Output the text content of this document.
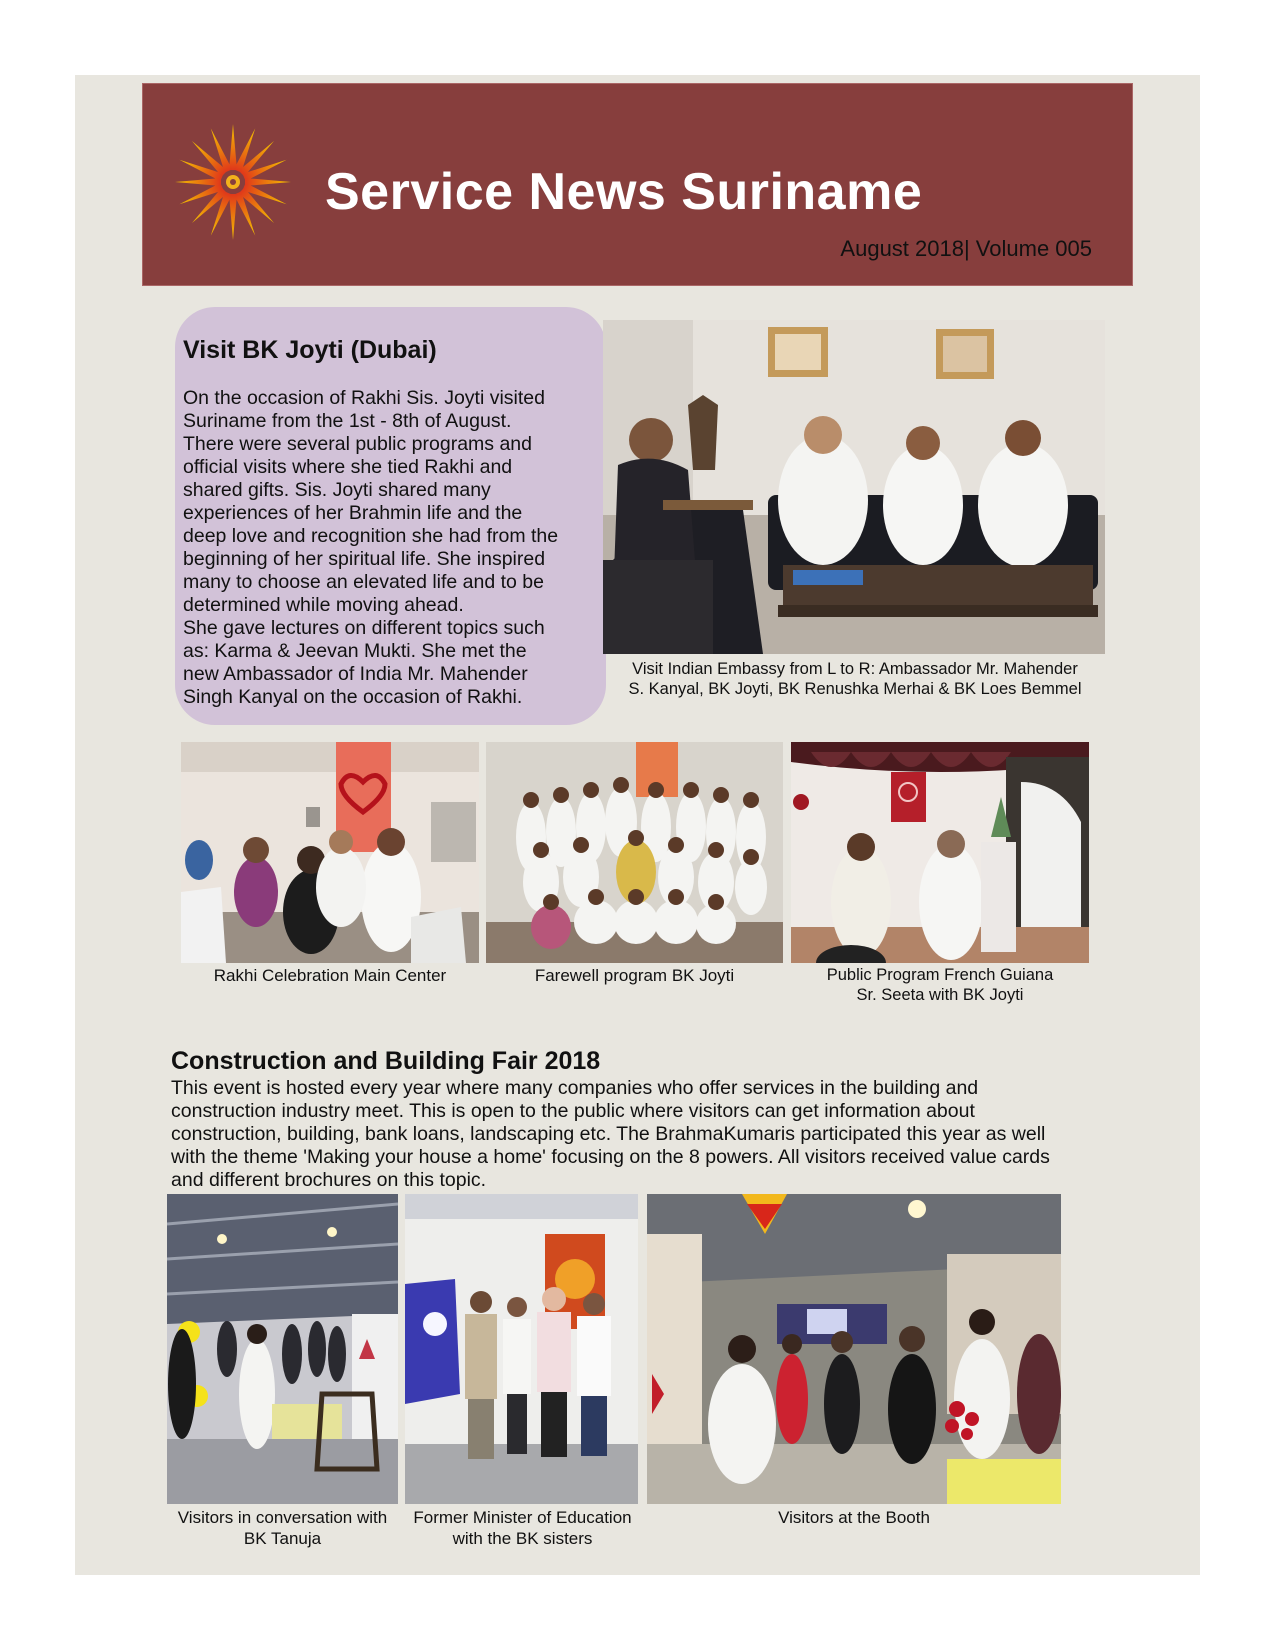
Service News Suriname
August 2018| Volume 005
Visit BK Joyti (Dubai)
On the occasion of Rakhi Sis. Joyti visited
Suriname from the 1st - 8th of August.
There were several public programs and
official visits where she tied Rakhi and
shared gifts. Sis. Joyti shared many
experiences of her Brahmin life and the
deep love and recognition she had from the
beginning of her spiritual life. She inspired
many to choose an elevated life and to be
determined while moving ahead.
She gave lectures on different topics such
as: Karma & Jeevan Mukti. She met the
new Ambassador of India Mr. Mahender
Singh Kanyal on the occasion of Rakhi.
Visit Indian Embassy from L to R: Ambassador Mr. Mahender
S. Kanyal, BK Joyti, BK Renushka Merhai & BK Loes Bemmel
Rakhi Celebration Main Center	Farewell program BK Joyti	Public Program French Guiana
Sr. Seeta with BK Joyti
Construction and Building Fair 2018
This event is hosted every year where many companies who offer services in the building and construction industry meet. This is open to the public where visitors can get information about construction, building, bank loans, landscaping etc. The BrahmaKumaris participated this year as well with the theme 'Making your house a home' focusing on the 8 powers. All visitors received value cards and different brochures on this topic.
Visitors in conversation with
BK Tanuja
Former Minister of Education
with the BK sisters
Visitors at the Booth
